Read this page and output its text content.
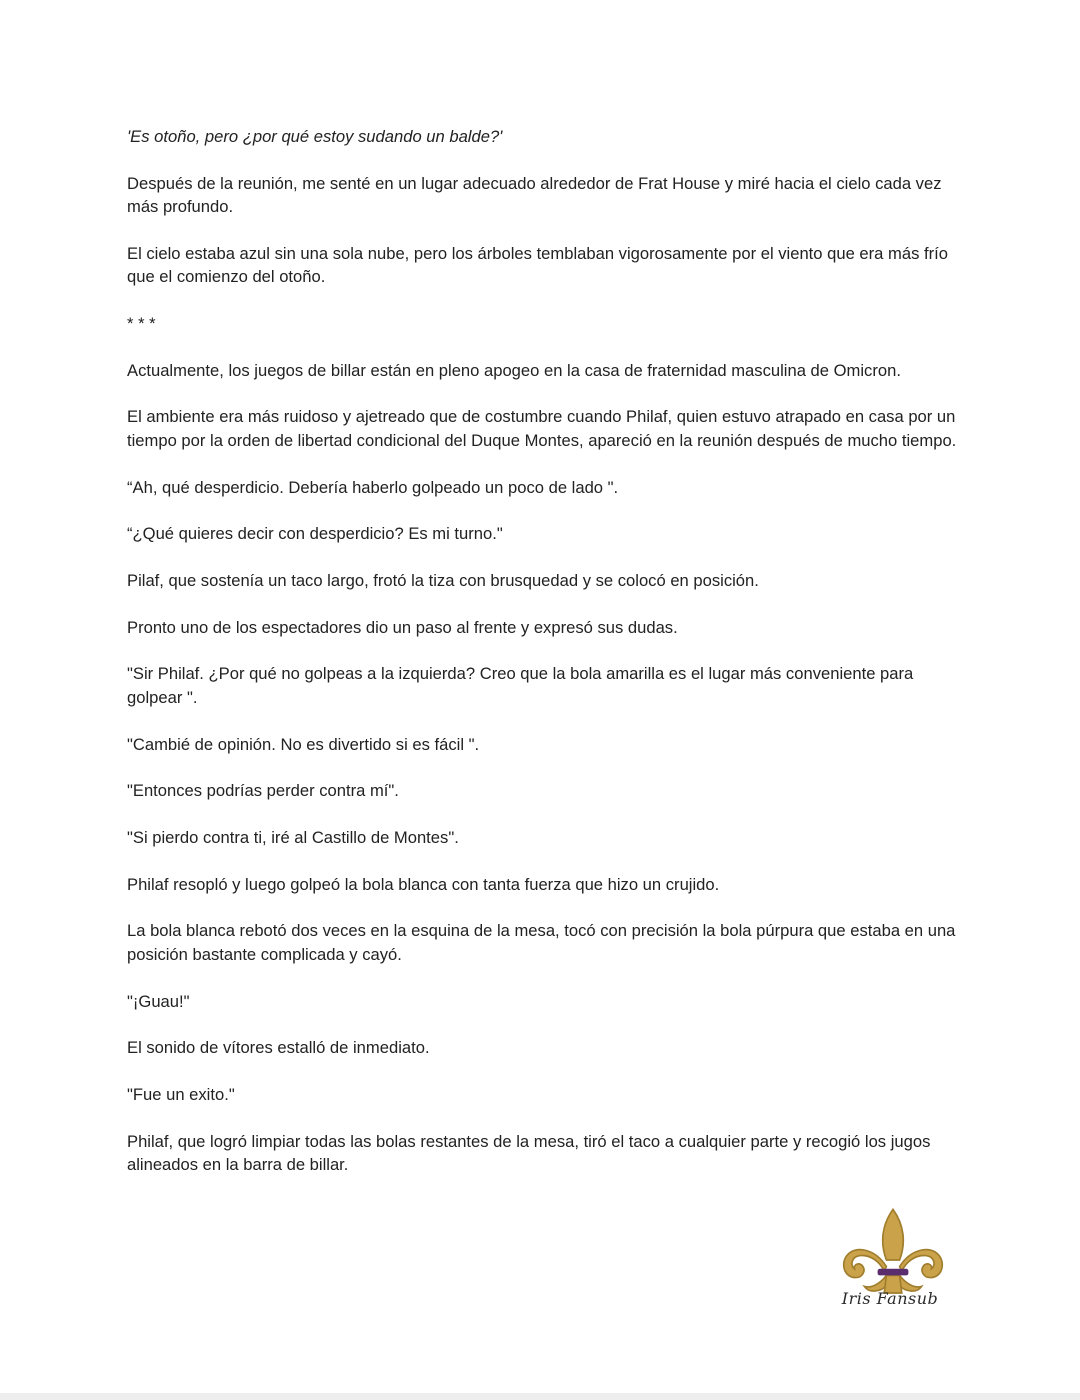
'Es otoño, pero ¿por qué estoy sudando un balde?'

Después de la reunión, me senté en un lugar adecuado alrededor de Frat House y miré hacia el cielo cada vez más profundo.

El cielo estaba azul sin una sola nube, pero los árboles temblaban vigorosamente por el viento que era más frío que el comienzo del otoño.

* * *

Actualmente, los juegos de billar están en pleno apogeo en la casa de fraternidad masculina de Omicron.

El ambiente era más ruidoso y ajetreado que de costumbre cuando Philaf, quien estuvo atrapado en casa por un tiempo por la orden de libertad condicional del Duque Montes, apareció en la reunión después de mucho tiempo.

“Ah, qué desperdicio. Debería haberlo golpeado un poco de lado ".

“¿Qué quieres decir con desperdicio? Es mi turno."

Pilaf, que sostenía un taco largo, frotó la tiza con brusquedad y se colocó en posición.

Pronto uno de los espectadores dio un paso al frente y expresó sus dudas.

"Sir Philaf. ¿Por qué no golpeas a la izquierda? Creo que la bola amarilla es el lugar más conveniente para golpear ".

"Cambié de opinión. No es divertido si es fácil ".

"Entonces podrías perder contra mí".

"Si pierdo contra ti, iré al Castillo de Montes".

Philaf resopló y luego golpeó la bola blanca con tanta fuerza que hizo un crujido.

La bola blanca rebotó dos veces en la esquina de la mesa, tocó con precisión la bola púrpura que estaba en una posición bastante complicada y cayó.

"¡Guau!"

El sonido de vítores estalló de inmediato.

"Fue un exito."

Philaf, que logró limpiar todas las bolas restantes de la mesa, tiró el taco a cualquier parte y recogió los jugos alineados en la barra de billar.

Iris Fansub
